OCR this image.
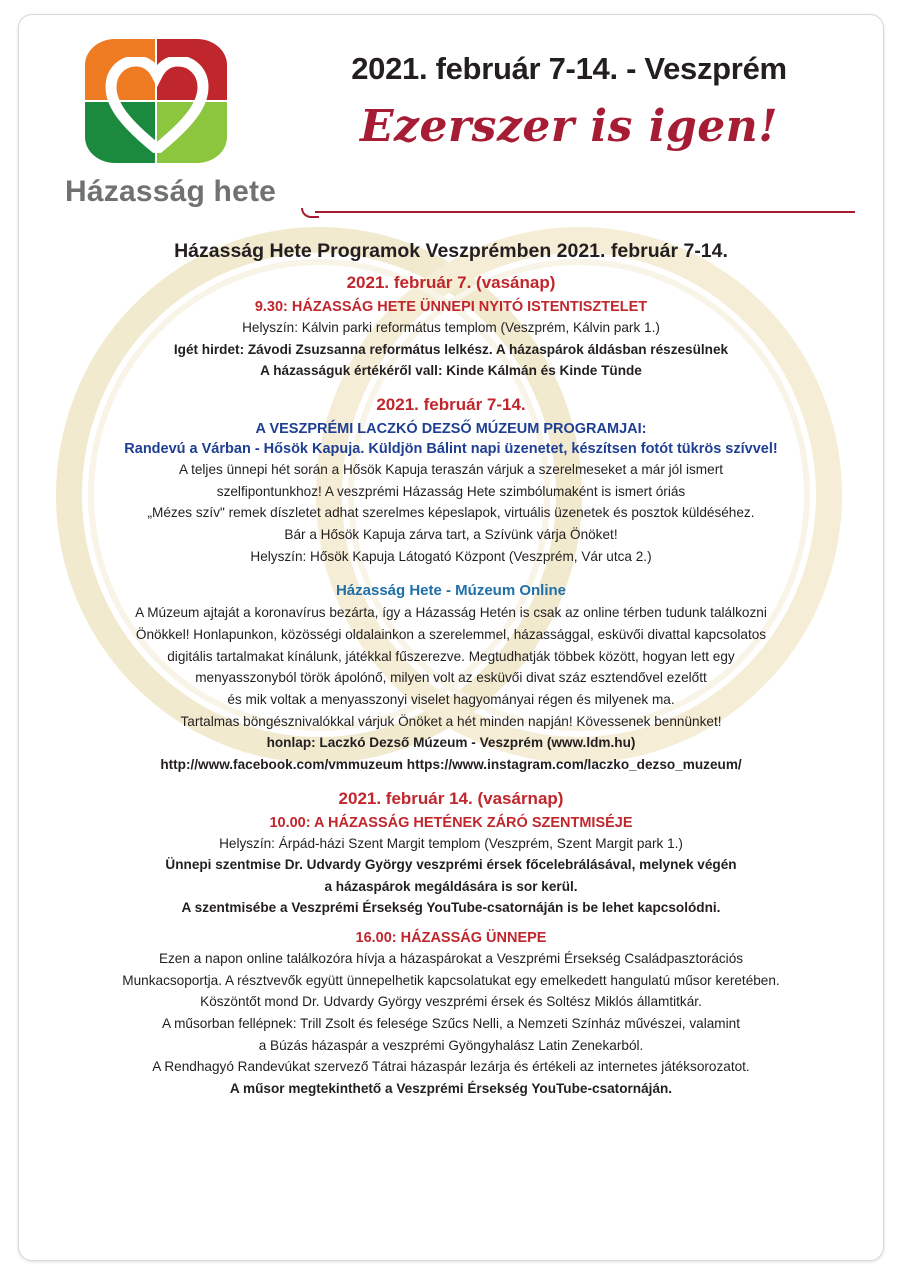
Házasság hete
2021. február 7-14. - Veszprém
Ezerszer is igen!
Házasság Hete Programok Veszprémben 2021. február 7-14.
2021. február 7. (vasánap)
9.30: HÁZASSÁG HETE ÜNNEPI NYITÓ ISTENTISZTELET

Helyszín: Kálvin parki református templom (Veszprém, Kálvin park 1.)

Igét hirdet: Závodi Zsuzsanna református lelkész. A házaspárok áldásban részesülnek

A házasságuk értékéről vall: Kinde Kálmán és Kinde Tünde

2021. február 7-14.
A VESZPRÉMI LACZKÓ DEZSŐ MÚZEUM PROGRAMJAI:
Randevú a Várban - Hősök Kapuja. Küldjön Bálint napi üzenetet, készítsen fotót tükrös szívvel!

A teljes ünnepi hét során a Hősök Kapuja teraszán várjuk a szerelmeseket a már jól ismert

szelfipontunkhoz! A veszprémi Házasság Hete szimbólumaként is ismert óriás

„Mézes szív" remek díszletet adhat szerelmes képeslapok, virtuális üzenetek és posztok küldéséhez.

Bár a Hősök Kapuja zárva tart, a Szívünk várja Önöket!

Helyszín: Hősök Kapuja Látogató Központ (Veszprém, Vár utca 2.)

Házasság Hete - Múzeum Online

A Múzeum ajtaját a koronavírus bezárta, így a Házasság Hetén is csak az online térben tudunk találkozni

Önökkel! Honlapunkon, közösségi oldalainkon a szerelemmel, házassággal, esküvői divattal kapcsolatos

digitális tartalmakat kínálunk, játékkal fűszerezve. Megtudhatják többek között, hogyan lett egy

menyasszonyból török ápolónő, milyen volt az esküvői divat száz esztendővel ezelőtt

és mik voltak a menyasszonyi viselet hagyományai régen és milyenek ma.

Tartalmas böngésznivalókkal várjuk Önöket a hét minden napján! Kövessenek bennünket!

honlap: Laczkó Dezső Múzeum - Veszprém (www.ldm.hu)

http://www.facebook.com/vmmuzeum https://www.instagram.com/laczko_dezso_muzeum/

2021. február 14. (vasárnap)
10.00: A HÁZASSÁG HETÉNEK ZÁRÓ SZENTMISÉJE

Helyszín: Árpád-házi Szent Margit templom (Veszprém, Szent Margit park 1.)

Ünnepi szentmise Dr. Udvardy György veszprémi érsek főcelebrálásával, melynek végén

a házaspárok megáldására is sor kerül.

A szentmisébe a Veszprémi Érsekség YouTube-csatornáján is be lehet kapcsolódni.

16.00: HÁZASSÁG ÜNNEPE

Ezen a napon online találkozóra hívja a házaspárokat a Veszprémi Érsekség Családpasztorációs

Munkacsoportja. A résztvevők együtt ünnepelhetik kapcsolatukat egy emelkedett hangulatú műsor keretében.

Köszöntőt mond Dr. Udvardy György veszprémi érsek és Soltész Miklós államtitkár.

A műsorban fellépnek: Trill Zsolt és felesége Szűcs Nelli, a Nemzeti Színház művészei, valamint

a Búzás házaspár a veszprémi Gyöngyhalász Latin Zenekarból.

A Rendhagyó Randevúkat szervező Tátrai házaspár lezárja és értékeli az internetes játéksorozatot.

A műsor megtekinthető a Veszprémi Érsekség YouTube-csatornáján.
